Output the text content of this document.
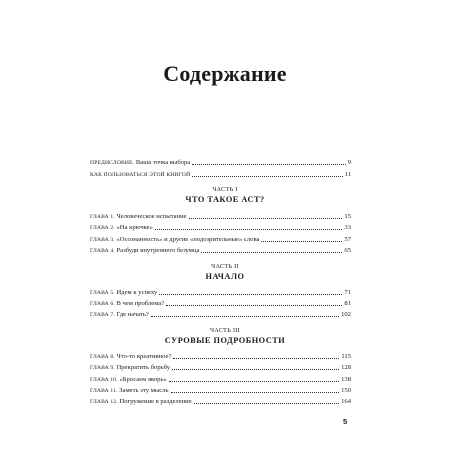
Содержание
ПРЕДИСЛОВИЕ. Ваша точка выбора	9
КАК ПОЛЬЗОВАТЬСЯ ЭТОЙ КНИГОЙ	11
ЧАСТЬ I
ЧТО ТАКОЕ АСТ?
ГЛАВА 1. Человеческое испытание	15
ГЛАВА 2. «На крючке»	33
ГЛАВА 3. «Осознанность» и другие «подозрительные» слова	57
ГЛАВА 4. Разбуди внутреннего безумца	65
ЧАСТЬ II
НАЧАЛО
ГЛАВА 5. Идем к успеху	71
ГЛАВА 6. В чем проблема?	81
ГЛАВА 7. Где начать?	102
ЧАСТЬ III
СУРОВЫЕ ПОДРОБНОСТИ
ГЛАВА 8. Что-то креативное?	115
ГЛАВА 9. Прекратить борьбу	128
ГЛАВА 10. «Бросаем якорь»	138
ГЛАВА 11. Заметь эту мысль	150
ГЛАВА 12. Погружение в разделение	164
5
